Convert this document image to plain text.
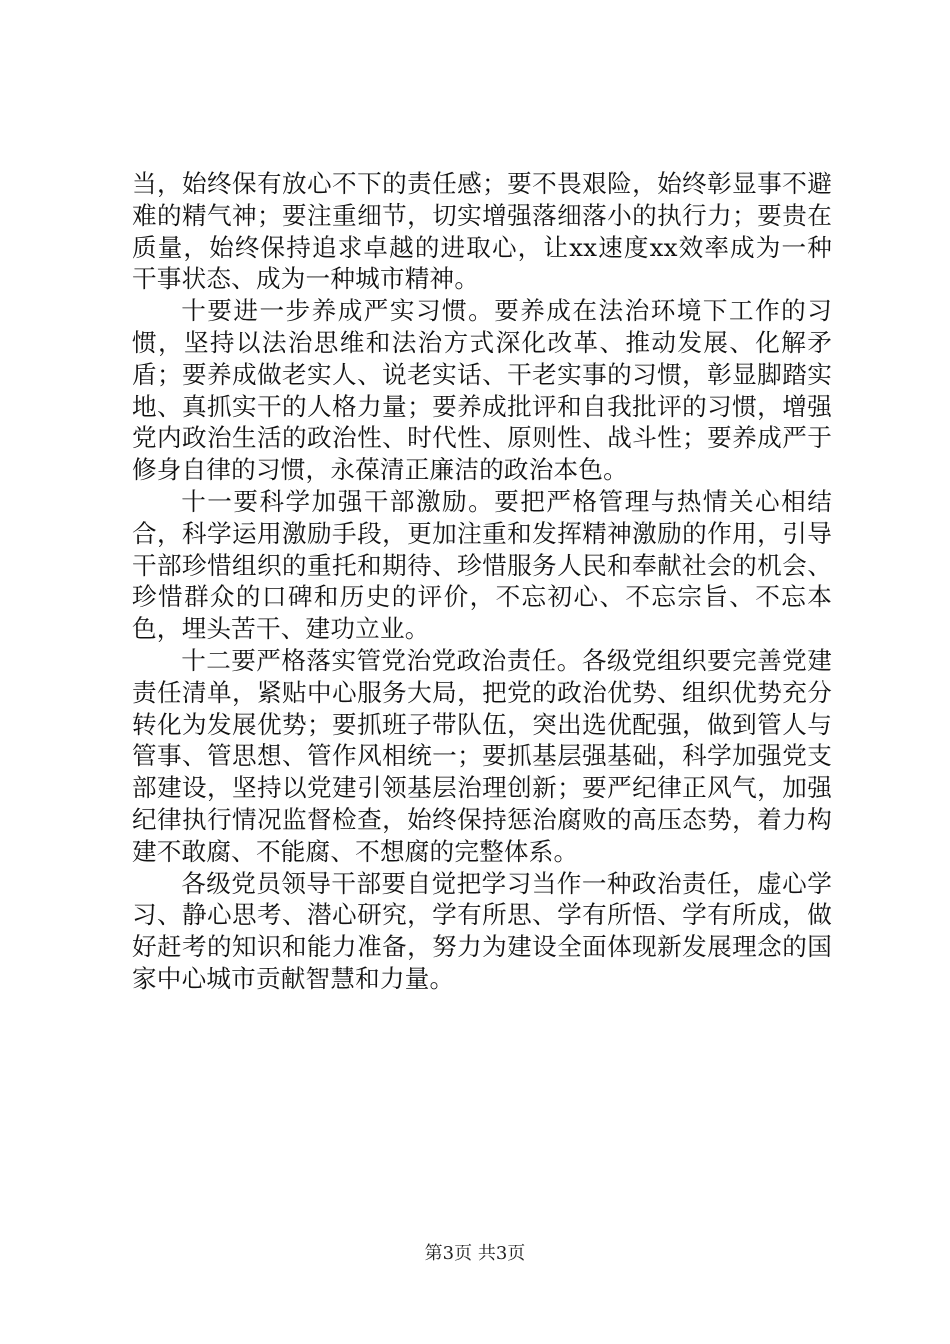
当，始终保有放心不下的责任感；要不畏艰险，始终彰显事不避难的精气神；要注重细节，切实增强落细落小的执行力；要贵在质量，始终保持追求卓越的进取心，让xx速度xx效率成为一种干事状态、成为一种城市精神。

十要进一步养成严实习惯。要养成在法治环境下工作的习惯，坚持以法治思维和法治方式深化改革、推动发展、化解矛盾；要养成做老实人、说老实话、干老实事的习惯，彰显脚踏实地、真抓实干的人格力量；要养成批评和自我批评的习惯，增强党内政治生活的政治性、时代性、原则性、战斗性；要养成严于修身自律的习惯，永葆清正廉洁的政治本色。

十一要科学加强干部激励。要把严格管理与热情关心相结合，科学运用激励手段，更加注重和发挥精神激励的作用，引导干部珍惜组织的重托和期待、珍惜服务人民和奉献社会的机会、珍惜群众的口碑和历史的评价，不忘初心、不忘宗旨、不忘本色，埋头苦干、建功立业。

十二要严格落实管党治党政治责任。各级党组织要完善党建责任清单，紧贴中心服务大局，把党的政治优势、组织优势充分转化为发展优势；要抓班子带队伍，突出选优配强，做到管人与管事、管思想、管作风相统一；要抓基层强基础，科学加强党支部建设，坚持以党建引领基层治理创新；要严纪律正风气，加强纪律执行情况监督检查，始终保持惩治腐败的高压态势，着力构建不敢腐、不能腐、不想腐的完整体系。

各级党员领导干部要自觉把学习当作一种政治责任，虚心学习、静心思考、潜心研究，学有所思、学有所悟、学有所成，做好赶考的知识和能力准备，努力为建设全面体现新发展理念的国家中心城市贡献智慧和力量。

第3页 共3页
